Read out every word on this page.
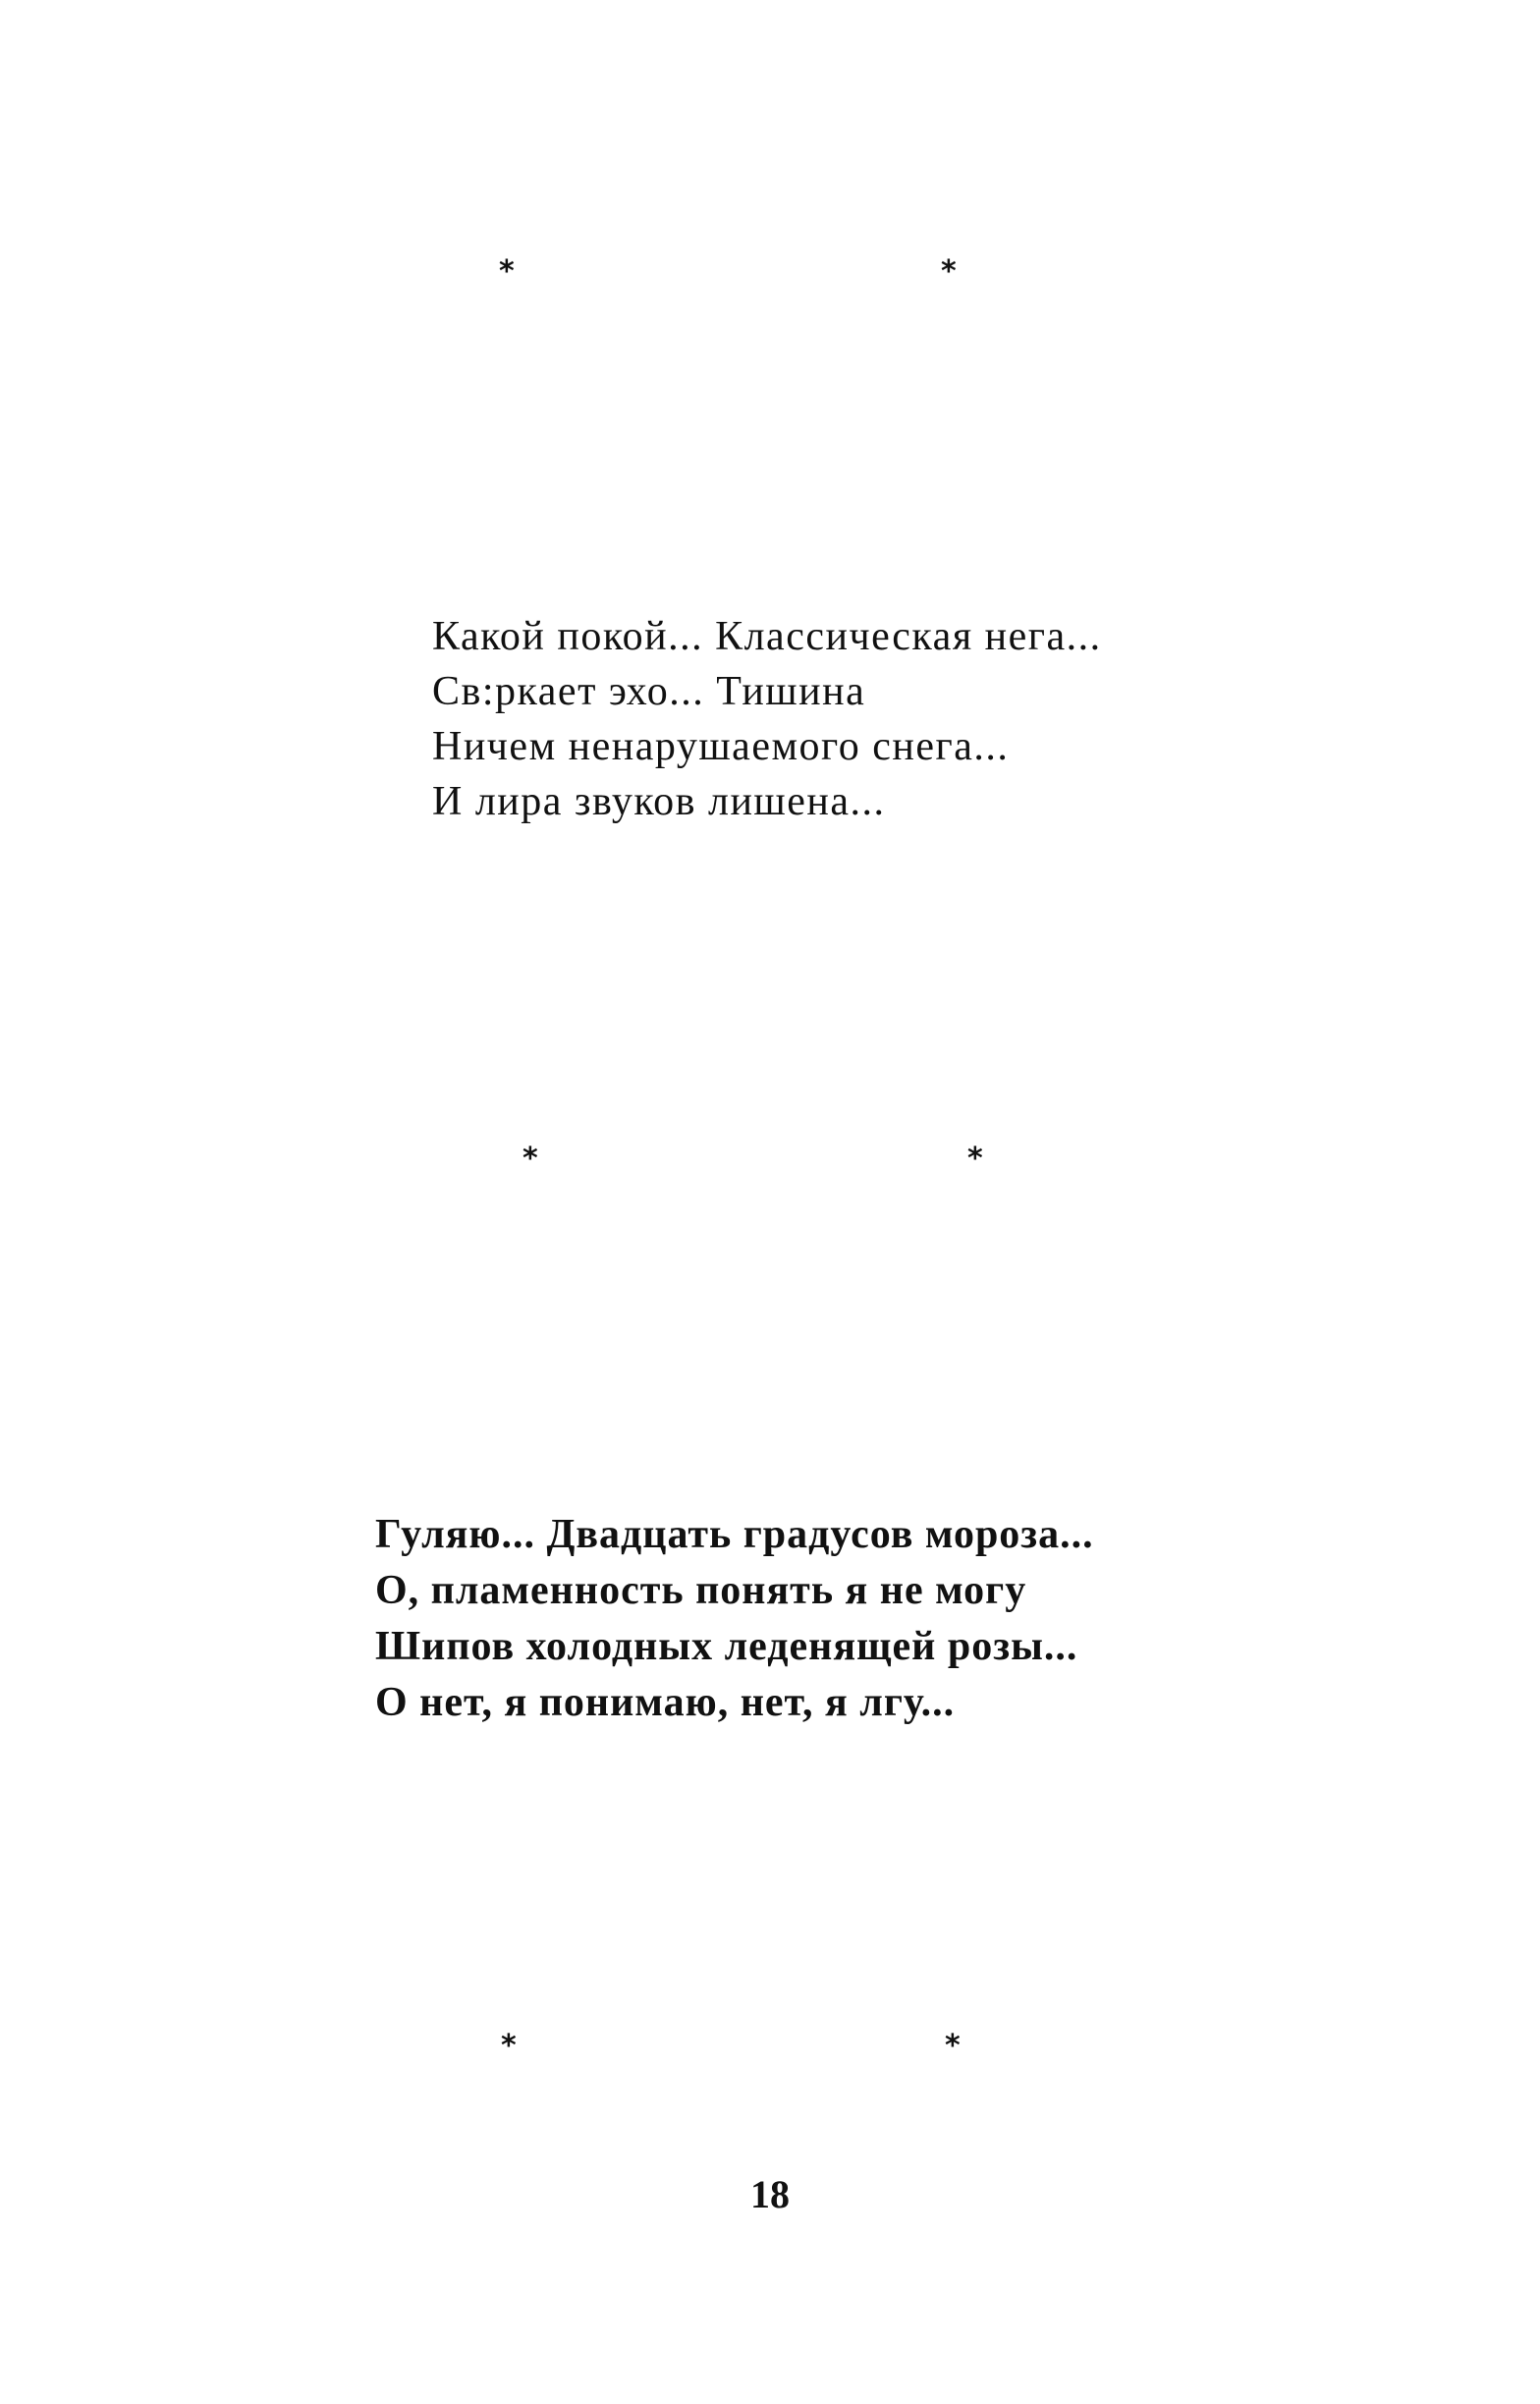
*	*
Какой покой... Классическая нега...
Св:ркает эхо... Тишина
Ничем ненарушаемого снега...
И лира звуков лишена...
*	*
Гуляю... Двадцать градусов мороза...
О, пламенность понять я не могу
Шипов холодных леденящей розы...
О нет, я понимаю, нет, я лгу...
*	*
18
